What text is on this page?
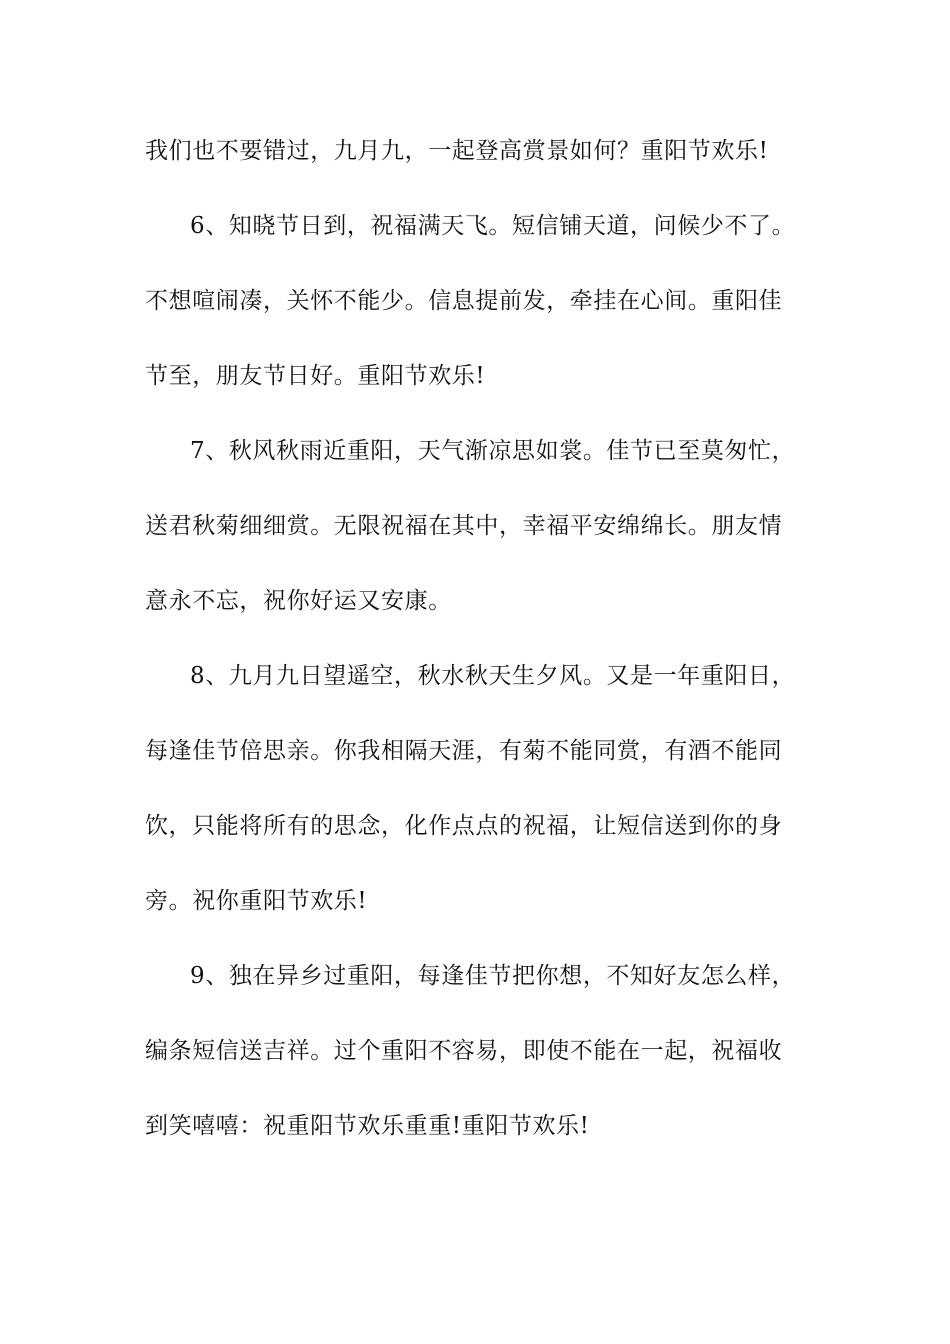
我们也不要错过，九月九，一起登高赏景如何？重阳节欢乐!
6、知晓节日到，祝福满天飞。短信铺天道，问候少不了。
不想喧闹凑，关怀不能少。信息提前发，牵挂在心间。重阳佳
节至，朋友节日好。重阳节欢乐!
7、秋风秋雨近重阳，天气渐凉思如裳。佳节已至莫匆忙，
送君秋菊细细赏。无限祝福在其中，幸福平安绵绵长。朋友情
意永不忘，祝你好运又安康。
8、九月九日望遥空，秋水秋天生夕风。又是一年重阳日，
每逢佳节倍思亲。你我相隔天涯，有菊不能同赏，有酒不能同
饮，只能将所有的思念，化作点点的祝福，让短信送到你的身
旁。祝你重阳节欢乐!
9、独在异乡过重阳，每逢佳节把你想，不知好友怎么样，
编条短信送吉祥。过个重阳不容易，即使不能在一起，祝福收
到笑嘻嘻：祝重阳节欢乐重重!重阳节欢乐!
